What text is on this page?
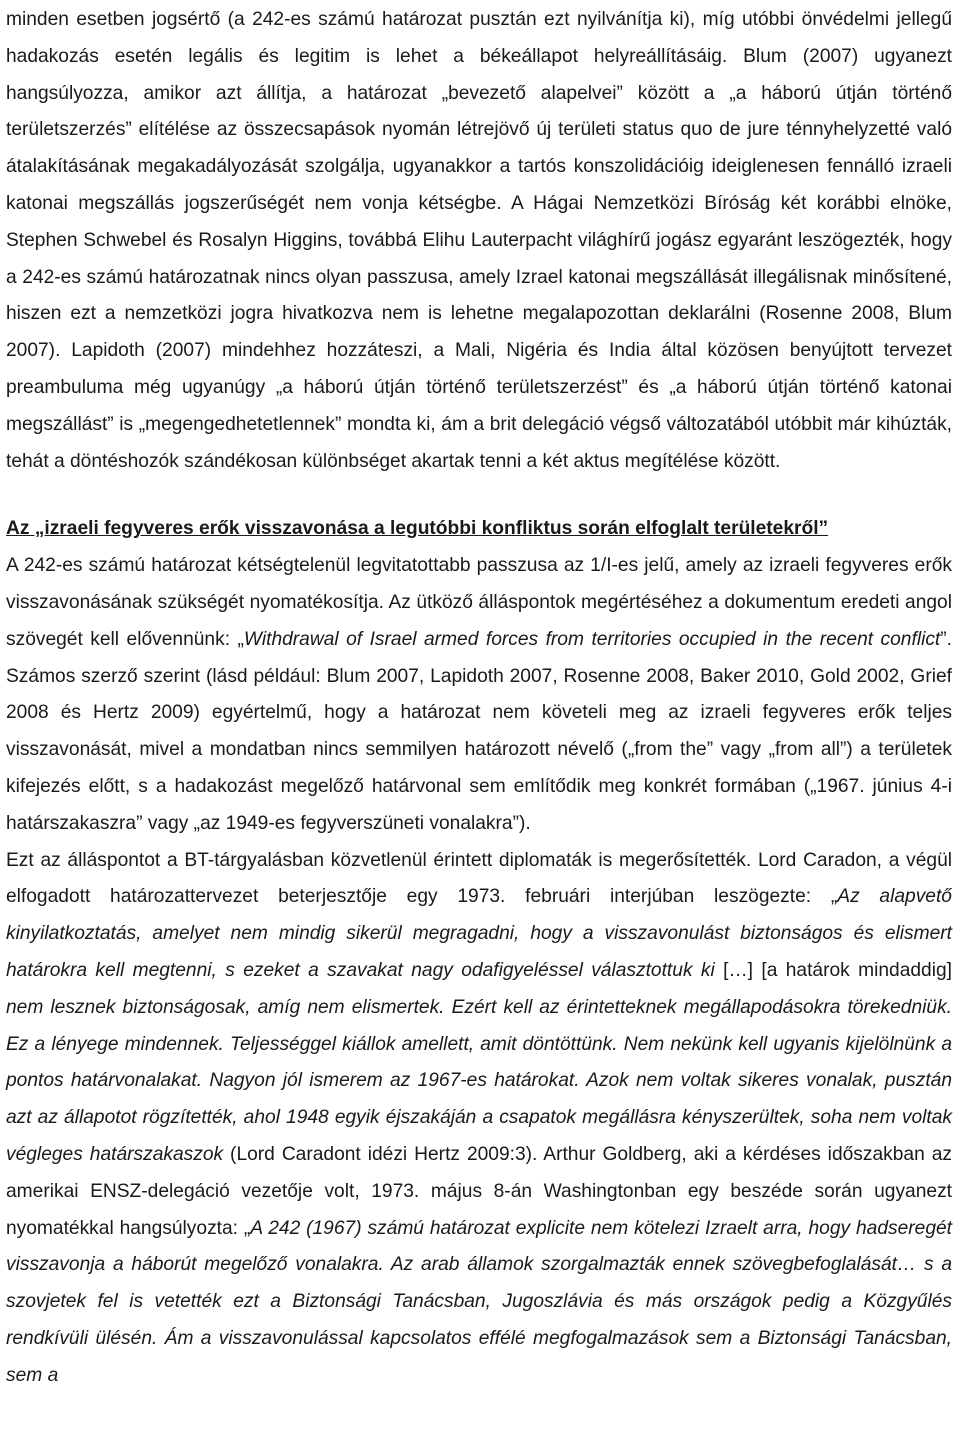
minden esetben jogsértő (a 242-es számú határozat pusztán ezt nyilvánítja ki), míg utóbbi önvédelmi jellegű hadakozás esetén legális és legitim is lehet a békeállapot helyreállításáig. Blum (2007) ugyanezt hangsúlyozza, amikor azt állítja, a határozat „bevezető alapelvei” között a „a háború útján történő területszerzés” elítélése az összecsapások nyomán létrejövő új területi status quo de jure ténnyhelyzetté való átalakításának megakadályozását szolgálja, ugyanakkor a tartós konszolidációig ideiglenesen fennálló izraeli katonai megszállás jogszerűségét nem vonja kétségbe. A Hágai Nemzetközi Bíróság két korábbi elnöke, Stephen Schwebel és Rosalyn Higgins, továbbá Elihu Lauterpacht világhírű jogász egyaránt leszögezték, hogy a 242-es számú határozatnak nincs olyan passzusa, amely Izrael katonai megszállását illegálisnak minősítené, hiszen ezt a nemzetközi jogra hivatkozva nem is lehetne megalapozottan deklarálni (Rosenne 2008, Blum 2007). Lapidoth (2007) mindehhez hozzáteszi, a Mali, Nigéria és India által közösen benyújtott tervezet preambuluma még ugyanúgy „a háború útján történő területszerzést” és „a háború útján történő katonai megszállást” is „megengedhetetlennek” mondta ki, ám a brit delegáció végső változatából utóbbit már kihúzták, tehát a döntéshozók szándékosan különbséget akartak tenni a két aktus megítélése között.

Az „izraeli fegyveres erők visszavonása a legutóbbi konfliktus során elfoglalt területekről”

A 242-es számú határozat kétségtelenül legvitatottabb passzusa az 1/I-es jelű, amely az izraeli fegyveres erők visszavonásának szükségét nyomatékosítja. Az ütköző álláspontok megértéséhez a dokumentum eredeti angol szövegét kell elővennünk: „Withdrawal of Israel armed forces from territories occupied in the recent conflict”. Számos szerző szerint (lásd például: Blum 2007, Lapidoth 2007, Rosenne 2008, Baker 2010, Gold 2002, Grief 2008 és Hertz 2009) egyértelmű, hogy a határozat nem követeli meg az izraeli fegyveres erők teljes visszavonását, mivel a mondatban nincs semmilyen határozott névelő („from the” vagy „from all”) a területek kifejezés előtt, s a hadakozást megelőző határvonal sem említődik meg konkrét formában („1967. június 4-i határszakaszra” vagy „az 1949-es fegyverszüneti vonalakra”).

Ezt az álláspontot a BT-tárgyalásban közvetlenül érintett diplomaták is megerősítették. Lord Caradon, a végül elfogadott határozattervezet beterjesztője egy 1973. februári interjúban leszögezte: „Az alapvető kinyilatkoztatás, amelyet nem mindig sikerül megragadni, hogy a visszavonulást biztonságos és elismert határokra kell megtenni, s ezeket a szavakat nagy odafigyeléssel választottuk ki […] [a határok mindaddig] nem lesznek biztonságosak, amíg nem elismertek. Ezért kell az érintetteknek megállapodásokra törekedniük. Ez a lényege mindennek. Teljességgel kiállok amellett, amit döntöttünk. Nem nekünk kell ugyanis kijelölnünk a pontos határvonalakat. Nagyon jól ismerem az 1967-es határokat. Azok nem voltak sikeres vonalak, pusztán azt az állapotot rögzítették, ahol 1948 egyik éjszakáján a csapatok megállásra kényszerültek, soha nem voltak végleges határszakaszok (Lord Caradont idézi Hertz 2009:3). Arthur Goldberg, aki a kérdéses időszakban az amerikai ENSZ-delegáció vezetője volt, 1973. május 8-án Washingtonban egy beszéde során ugyanezt nyomatékkal hangsúlyozta: „A 242 (1967) számú határozat explicite nem kötelezi Izraelt arra, hogy hadseregét visszavonja a háborút megelőző vonalakra. Az arab államok szorgalmazták ennek szövegbefoglalását… s a szovjetek fel is vetették ezt a Biztonsági Tanácsban, Jugoszlávia és más országok pedig a Közgyűlés rendkívüli ülésén. Ám a visszavonulással kapcsolatos effélé megfogalmazások sem a Biztonsági Tanácsban, sem a
